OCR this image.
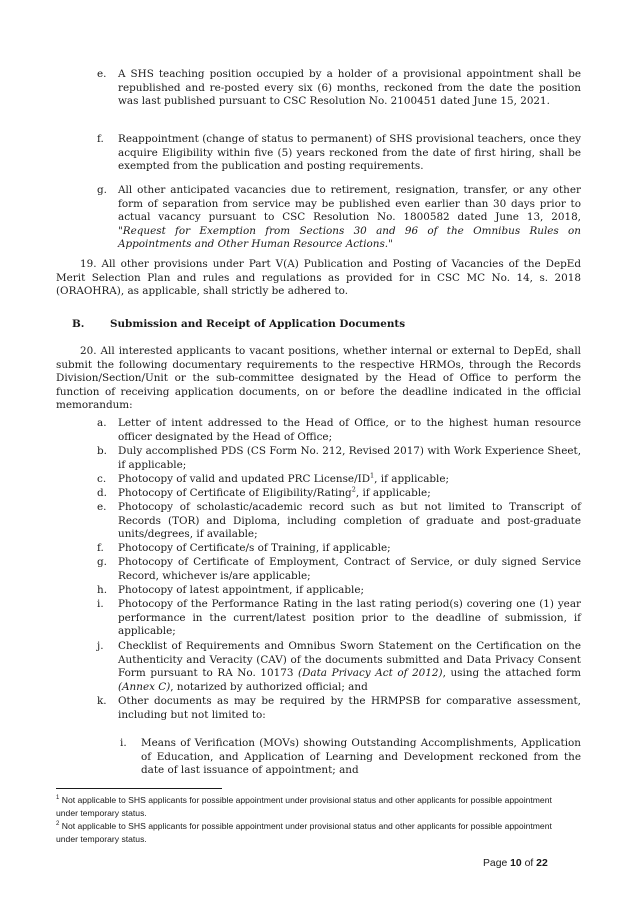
e. A SHS teaching position occupied by a holder of a provisional appointment shall be republished and re-posted every six (6) months, reckoned from the date the position was last published pursuant to CSC Resolution No. 2100451 dated June 15, 2021.
f. Reappointment (change of status to permanent) of SHS provisional teachers, once they acquire Eligibility within five (5) years reckoned from the date of first hiring, shall be exempted from the publication and posting requirements.
g. All other anticipated vacancies due to retirement, resignation, transfer, or any other form of separation from service may be published even earlier than 30 days prior to actual vacancy pursuant to CSC Resolution No. 1800582 dated June 13, 2018, "Request for Exemption from Sections 30 and 96 of the Omnibus Rules on Appointments and Other Human Resource Actions."
19. All other provisions under Part V(A) Publication and Posting of Vacancies of the DepEd Merit Selection Plan and rules and regulations as provided for in CSC MC No. 14, s. 2018 (ORAOHRA), as applicable, shall strictly be adhered to.
B. Submission and Receipt of Application Documents
20. All interested applicants to vacant positions, whether internal or external to DepEd, shall submit the following documentary requirements to the respective HRMOs, through the Records Division/Section/Unit or the sub-committee designated by the Head of Office to perform the function of receiving application documents, on or before the deadline indicated in the official memorandum:
a. Letter of intent addressed to the Head of Office, or to the highest human resource officer designated by the Head of Office;
b. Duly accomplished PDS (CS Form No. 212, Revised 2017) with Work Experience Sheet, if applicable;
c. Photocopy of valid and updated PRC License/$ID^1$, if applicable;
d. Photocopy of Certificate of Eligibility/Rating$^2$, if applicable;
e. Photocopy of scholastic/academic record such as but not limited to Transcript of Records (TOR) and Diploma, including completion of graduate and post-graduate units/degrees, if available;
f. Photocopy of Certificate/s of Training, if applicable;
g. Photocopy of Certificate of Employment, Contract of Service, or duly signed Service Record, whichever is/are applicable;
h. Photocopy of latest appointment, if applicable;
i. Photocopy of the Performance Rating in the last rating period(s) covering one (1) year performance in the current/latest position prior to the deadline of submission, if applicable;
j. Checklist of Requirements and Omnibus Sworn Statement on the Certification on the Authenticity and Veracity (CAV) of the documents submitted and Data Privacy Consent Form pursuant to RA No. 10173 (Data Privacy Act of 2012), using the attached form (Annex C), notarized by authorized official; and
k. Other documents as may be required by the HRMPSB for comparative assessment, including but not limited to:
i. Means of Verification (MOVs) showing Outstanding Accomplishments, Application of Education, and Application of Learning and Development reckoned from the date of last issuance of appointment; and
$^1$ Not applicable to SHS applicants for possible appointment under provisional status and other applicants for possible appointment under temporary status.
$^2$ Not applicable to SHS applicants for possible appointment under provisional status and other applicants for possible appointment under temporary status.
Page 10 of 22
